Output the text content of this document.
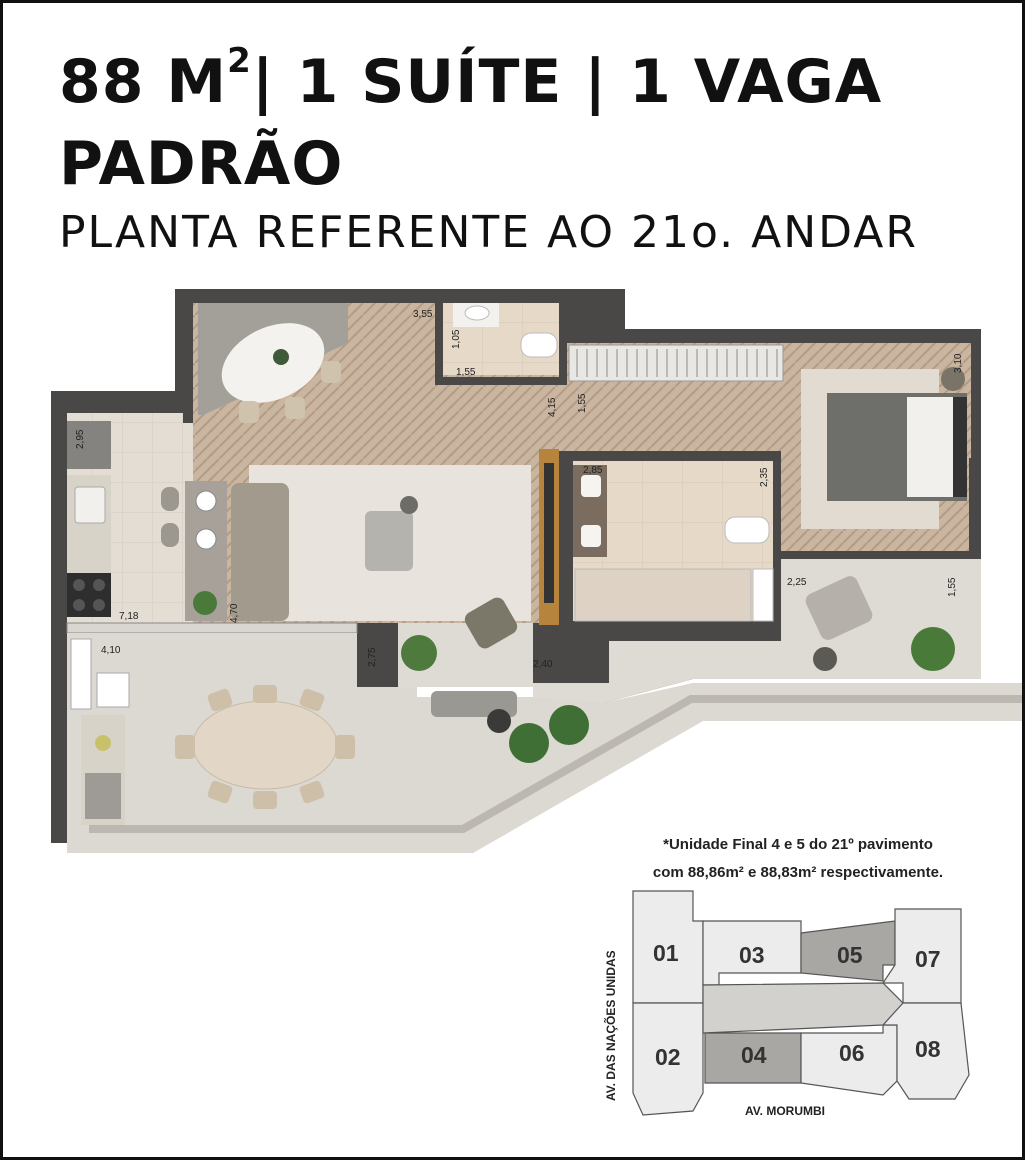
88 $M^2|$ 1 SUÍTE | 1 VAGA
PADRÃO
PLANTA REFERENTE AO 21o. ANDAR
3,55
1,05
1,55
4,15 1,55
3,10
2,95
2,85	2,35
4,70
7,18
4,10	2,75	2,40
2,25	1,55
01
02
03
04
05
06
07
08
AV. DAS NAÇÕES UNIDAS
AV. MORUMBI
*Unidade Final 4 e 5 do 21º pavimento
com 88,86m² e 88,83m² respectivamente.
